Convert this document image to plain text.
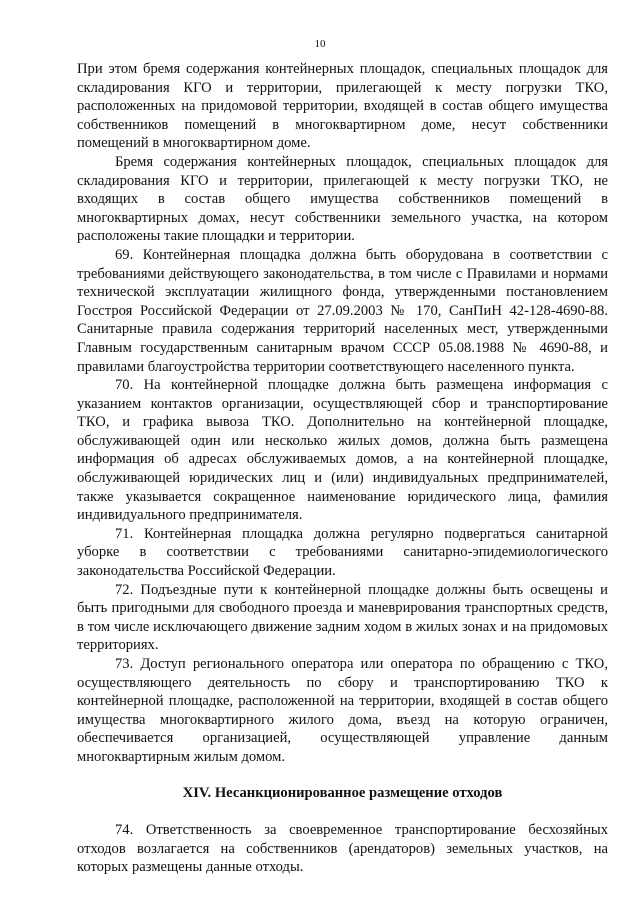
10

При этом бремя содержания контейнерных площадок, специальных площадок для складирования КГО и территории, прилегающей к месту погрузки ТКО, расположенных на придомовой территории, входящей в состав общего имущества собственников помещений в многоквартирном доме, несут собственники помещений в многоквартирном доме.

Бремя содержания контейнерных площадок, специальных площадок для складирования КГО и территории, прилегающей к месту погрузки ТКО, не входящих в состав общего имущества собственников помещений в многоквартирных домах, несут собственники земельного участка, на котором расположены такие площадки и территории.

69. Контейнерная площадка должна быть оборудована в соответствии с требованиями действующего законодательства, в том числе с Правилами и нормами технической эксплуатации жилищного фонда, утвержденными постановлением Госстроя Российской Федерации от 27.09.2003 № 170, СанПиН 42-128-4690-88. Санитарные правила содержания территорий населенных мест, утвержденными Главным государственным санитарным врачом СССР 05.08.1988 № 4690-88, и правилами благоустройства территории соответствующего населенного пункта.

70. На контейнерной площадке должна быть размещена информация с указанием контактов организации, осуществляющей сбор и транспортирование ТКО, и графика вывоза ТКО. Дополнительно на контейнерной площадке, обслуживающей один или несколько жилых домов, должна быть размещена информация об адресах обслуживаемых домов, а на контейнерной площадке, обслуживающей юридических лиц и (или) индивидуальных предпринимателей, также указывается сокращенное наименование юридического лица, фамилия индивидуального предпринимателя.

71. Контейнерная площадка должна регулярно подвергаться санитарной уборке в соответствии с требованиями санитарно-эпидемиологического законодательства Российской Федерации.

72. Подъездные пути к контейнерной площадке должны быть освещены и быть пригодными для свободного проезда и маневрирования транспортных средств, в том числе исключающего движение задним ходом в жилых зонах и на придомовых территориях.

73. Доступ регионального оператора или оператора по обращению с ТКО, осуществляющего деятельность по сбору и транспортированию ТКО к контейнерной площадке, расположенной на территории, входящей в состав общего имущества многоквартирного жилого дома, въезд на которую ограничен, обеспечивается организацией, осуществляющей управление данным многоквартирным жилым домом.

XIV. Несанкционированное размещение отходов

74. Ответственность за своевременное транспортирование бесхозяйных отходов возлагается на собственников (арендаторов) земельных участков, на которых размещены данные отходы.
